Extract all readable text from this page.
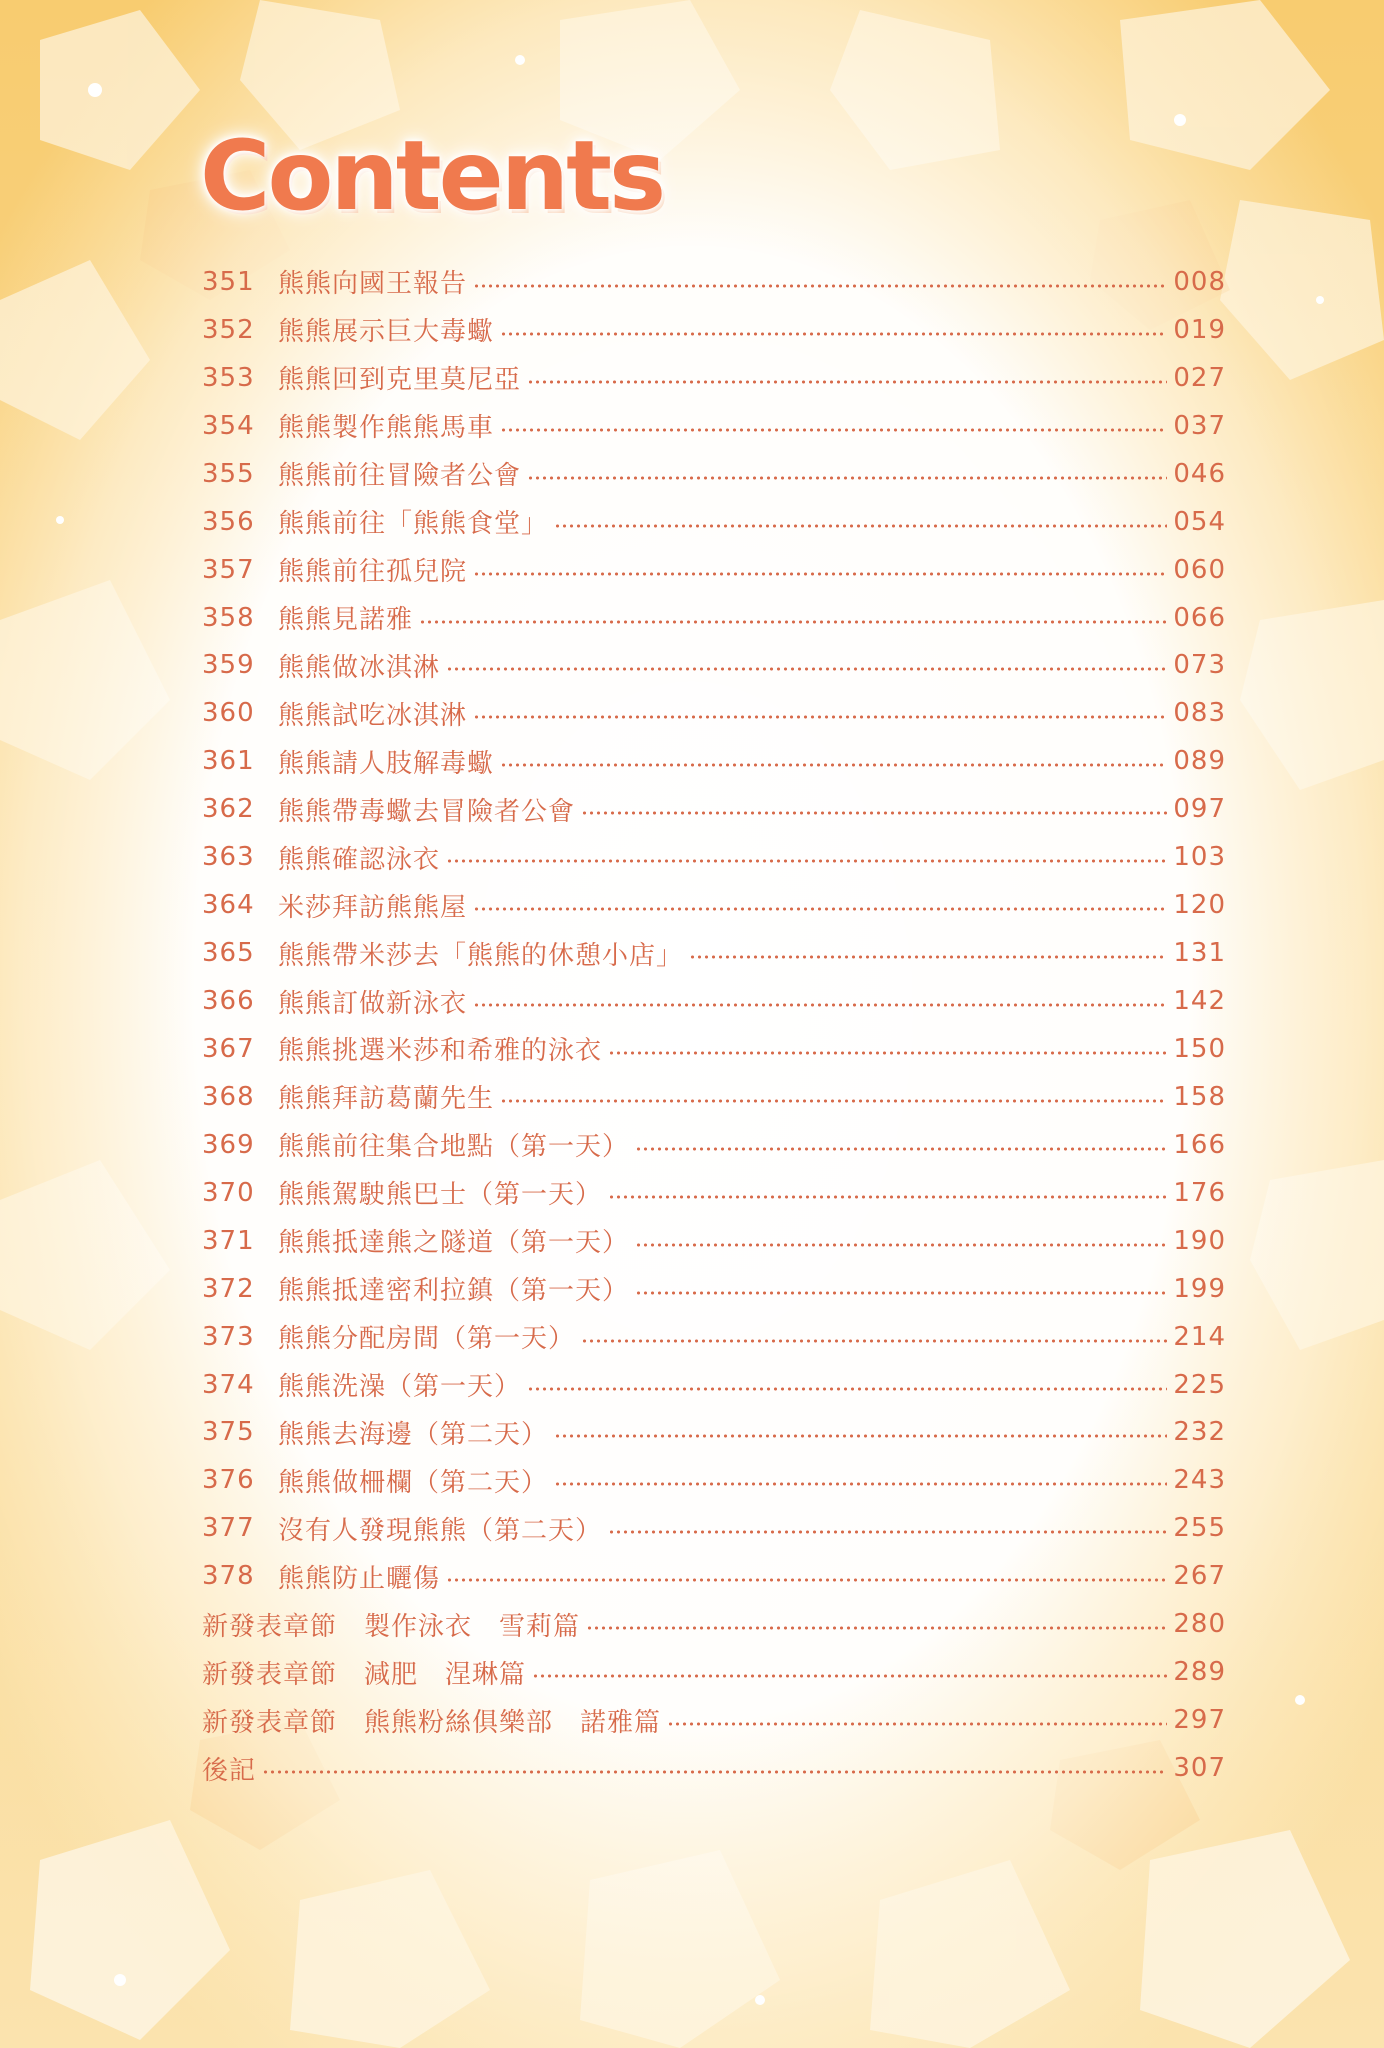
Contents
351 熊熊向國王報告	008
352 熊熊展示巨大毒蠍	019
353 熊熊回到克里莫尼亞	027
354 熊熊製作熊熊馬車	037
355 熊熊前往冒險者公會	046
356 熊熊前往「熊熊食堂」	054
357 熊熊前往孤兒院	060
358 熊熊見諾雅	066
359 熊熊做冰淇淋	073
360 熊熊試吃冰淇淋	083
361 熊熊請人肢解毒蠍	089
362 熊熊帶毒蠍去冒險者公會	097
363 熊熊確認泳衣	103
364 米莎拜訪熊熊屋	120
365 熊熊帶米莎去「熊熊的休憩小店」	131
366 熊熊訂做新泳衣	142
367 熊熊挑選米莎和希雅的泳衣	150
368 熊熊拜訪葛蘭先生	158
369 熊熊前往集合地點（第一天）	166
370 熊熊駕駛熊巴士（第一天）	176
371 熊熊抵達熊之隧道（第一天）	190
372 熊熊抵達密利拉鎮（第一天）	199
373 熊熊分配房間（第一天）	214
374 熊熊洗澡（第一天）	225
375 熊熊去海邊（第二天）	232
376 熊熊做柵欄（第二天）	243
377 沒有人發現熊熊（第二天）	255
378 熊熊防止曬傷	267
新發表章節　製作泳衣　雪莉篇	280
新發表章節　減肥　涅琳篇	289
新發表章節　熊熊粉絲俱樂部　諾雅篇	297
後記	307
